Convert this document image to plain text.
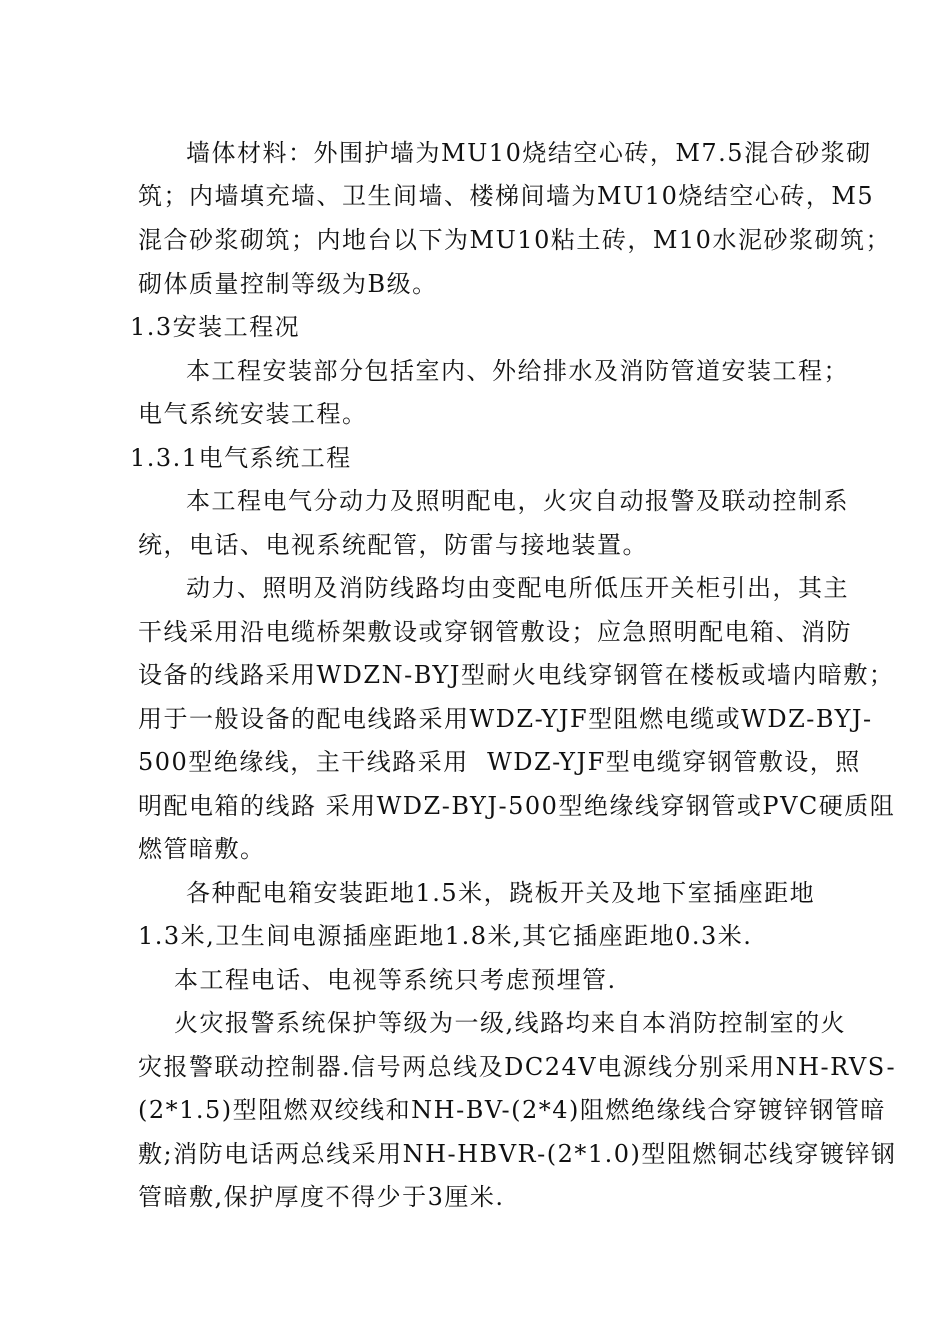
墙体材料：外围护墙为MU10烧结空心砖，M7.5混合砂浆砌
筑；内墙填充墙、卫生间墙、楼梯间墙为MU10烧结空心砖，M5
混合砂浆砌筑；内地台以下为MU10粘土砖，M10水泥砂浆砌筑；
砌体质量控制等级为B级。
1.3安装工程况
本工程安装部分包括室内、外给排水及消防管道安装工程；
电气系统安装工程。
1.3.1电气系统工程
本工程电气分动力及照明配电，火灾自动报警及联动控制系
统，电话、电视系统配管，防雷与接地装置。
动力、照明及消防线路均由变配电所低压开关柜引出，其主
干线采用沿电缆桥架敷设或穿钢管敷设；应急照明配电箱、消防
设备的线路采用WDZN-BYJ型耐火电线穿钢管在楼板或墙内暗敷；
用于一般设备的配电线路采用WDZ-YJF型阻燃电缆或WDZ-BYJ-
500型绝缘线，主干线路采用  WDZ-YJF型电缆穿钢管敷设，照
明配电箱的线路 采用WDZ-BYJ-500型绝缘线穿钢管或PVC硬质阻
燃管暗敷。
各种配电箱安装距地1.5米，跷板开关及地下室插座距地
1.3米,卫生间电源插座距地1.8米,其它插座距地0.3米.
本工程电话、电视等系统只考虑预埋管.
火灾报警系统保护等级为一级,线路均来自本消防控制室的火
灾报警联动控制器.信号两总线及DC24V电源线分别采用NH-RVS-
(2*1.5)型阻燃双绞线和NH-BV-(2*4)阻燃绝缘线合穿镀锌钢管暗
敷;消防电话两总线采用NH-HBVR-(2*1.0)型阻燃铜芯线穿镀锌钢
管暗敷,保护厚度不得少于3厘米.
